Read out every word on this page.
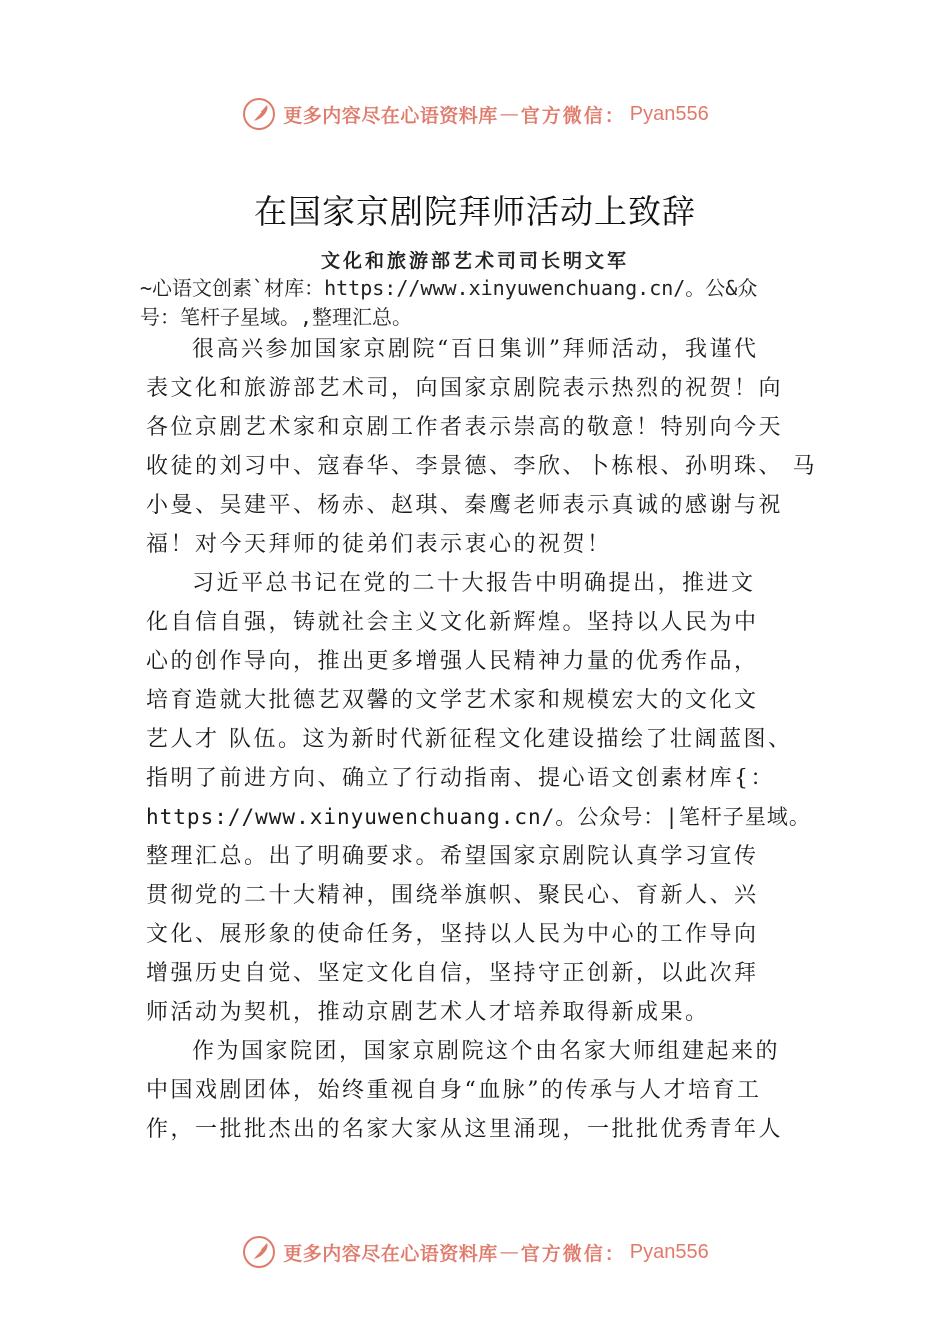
更多内容尽在心语资料库 — 官方微信： Pyan556
在国家京剧院拜师活动上致辞
文化和旅游部艺术司司长明文军
~心语文创素`材库：https://www.xinyuwenchuang.cn/。公&众
号：笔杆子星域。,整理汇总。
很高兴参加国家京剧院“百日集训”拜师活动，我谨代
表文化和旅游部艺术司，向国家京剧院表示热烈的祝贺！向
各位京剧艺术家和京剧工作者表示崇高的敬意！特别向今天
收徒的刘习中、寇春华、李景德、李欣、卜栋根、孙明珠、 马
小曼、吴建平、杨赤、赵琪、秦鹰老师表示真诚的感谢与祝
福！对今天拜师的徒弟们表示衷心的祝贺！
习近平总书记在党的二十大报告中明确提出，推进文
化自信自强，铸就社会主义文化新辉煌。坚持以人民为中
心的创作导向，推出更多增强人民精神力量的优秀作品，
培育造就大批德艺双馨的文学艺术家和规模宏大的文化文
艺人才 队伍。这为新时代新征程文化建设描绘了壮阔蓝图、
指明了前进方向、确立了行动指南、提心语文创素材库{：
https://www.xinyuwenchuang.cn/。公众号：|笔杆子星域。
整理汇总。出了明确要求。希望国家京剧院认真学习宣传
贯彻党的二十大精神，围绕举旗帜、聚民心、育新人、兴
文化、展形象的使命任务，坚持以人民为中心的工作导向
增强历史自觉、坚定文化自信，坚持守正创新，以此次拜
师活动为契机，推动京剧艺术人才培养取得新成果。
作为国家院团，国家京剧院这个由名家大师组建起来的
中国戏剧团体，始终重视自身“血脉”的传承与人才培育工
作，一批批杰出的名家大家从这里涌现，一批批优秀青年人
更多内容尽在心语资料库 — 官方微信： Pyan556
